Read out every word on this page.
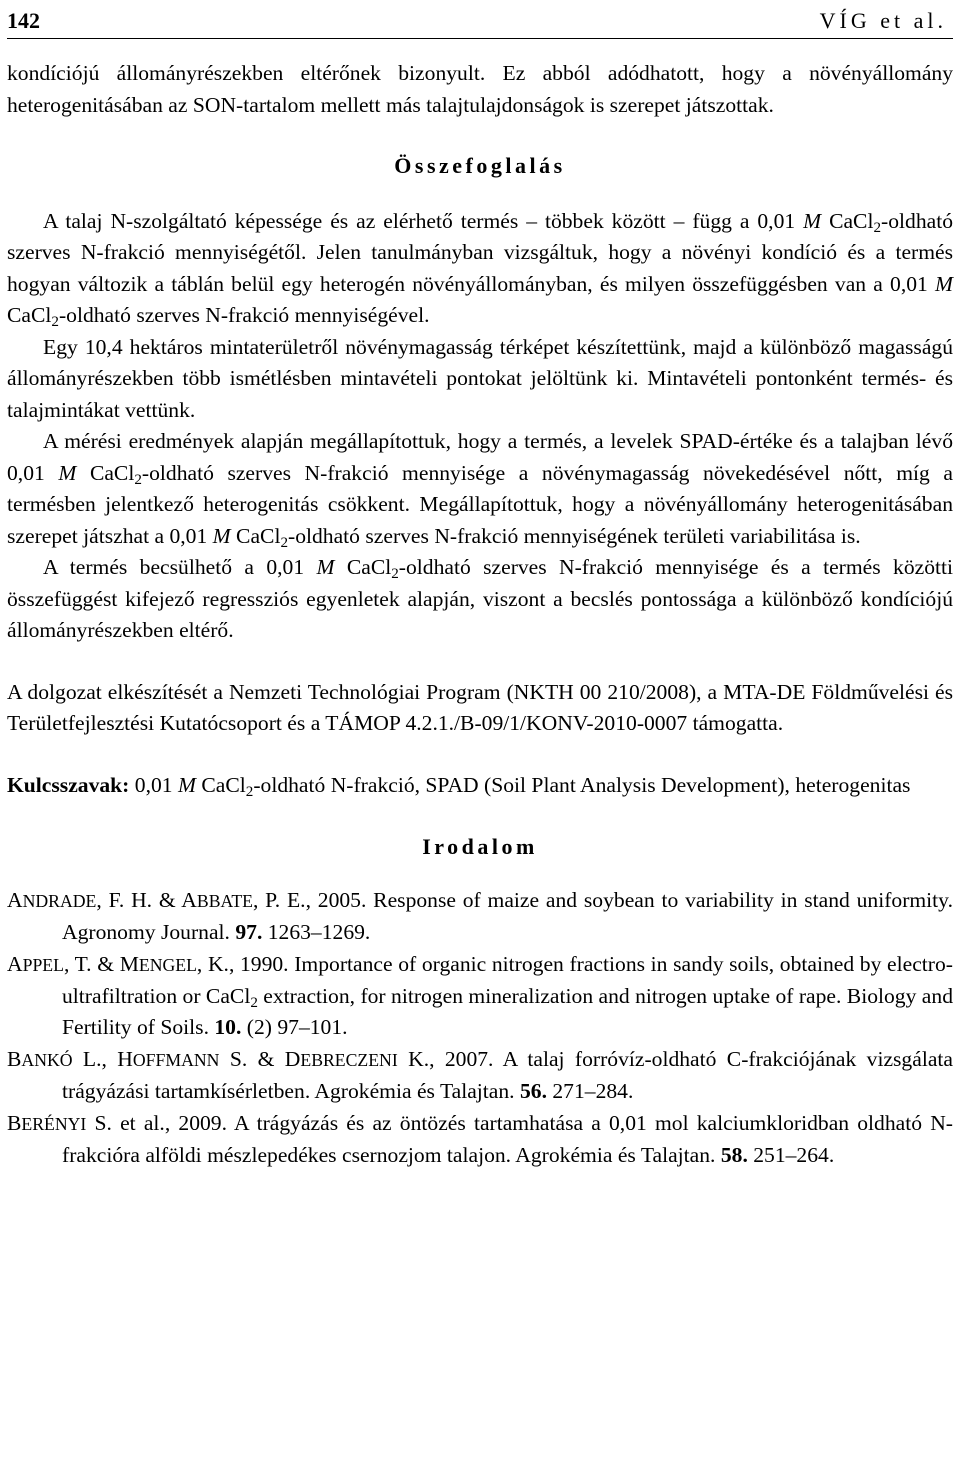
142	VÍG et al.

kondíciójú állományrészekben eltérőnek bizonyult. Ez abból adódhatott, hogy a növényállomány heterogenitásában az SON-tartalom mellett más talajtulajdonságok is szerepet játszottak.

Összefoglalás

A talaj N-szolgáltató képessége és az elérhető termés – többek között – függ a 0,01 M CaCl$_2$-oldható szerves N-frakció mennyiségétől. Jelen tanulmányban vizsgáltuk, hogy a növényi kondíció és a termés hogyan változik a táblán belül egy heterogén növényállományban, és milyen összefüggésben van a 0,01 M CaCl$_2$-oldható szerves N-frakció mennyiségével.

Egy 10,4 hektáros mintaterületről növénymagasság térképet készítettünk, majd a különböző magasságú állományrészekben több ismétlésben mintavételi pontokat jelöltünk ki. Mintavételi pontonként termés- és talajmintákat vettünk.

A mérési eredmények alapján megállapítottuk, hogy a termés, a levelek SPAD-értéke és a talajban lévő 0,01 M CaCl$_2$-oldható szerves N-frakció mennyisége a növénymagasság növekedésével nőtt, míg a termésben jelentkező heterogenitás csökkent. Megállapítottuk, hogy a növényállomány heterogenitásában szerepet játszhat a 0,01 M CaCl$_2$-oldható szerves N-frakció mennyiségének területi variabilitása is.

A termés becsülhető a 0,01 M CaCl$_2$-oldható szerves N-frakció mennyisége és a termés közötti összefüggést kifejező regressziós egyenletek alapján, viszont a becslés pontossága a különböző kondíciójú állományrészekben eltérő.

A dolgozat elkészítését a Nemzeti Technológiai Program (NKTH 00 210/2008), a MTA-DE Földművelési és Területfejlesztési Kutatócsoport és a TÁMOP 4.2.1./B-09/1/KONV-2010-0007 támogatta.

Kulcsszavak: 0,01 M CaCl$_2$-oldható N-frakció, SPAD (Soil Plant Analysis Development), heterogenitas

Irodalom

ANDRADE, F. H. & ABBATE, P. E., 2005. Response of maize and soybean to variability in stand uniformity. Agronomy Journal. 97. 1263–1269.

APPEL, T. & MENGEL, K., 1990. Importance of organic nitrogen fractions in sandy soils, obtained by electro-ultrafiltration or CaCl$_2$ extraction, for nitrogen mineralization and nitrogen uptake of rape. Biology and Fertility of Soils. 10. (2) 97–101.

BANKÓ L., HOFFMANN S. & DEBRECZENI K., 2007. A talaj forróvíz-oldható C-frakciójának vizsgálata trágyázási tartamkísérletben. Agrokémia és Talajtan. 56. 271–284.

BERÉNYI S. et al., 2009. A trágyázás és az öntözés tartamhatása a 0,01 mol kalciumkloridban oldható N-frakcióra alföldi mészlepedékes csernozjom talajon. Agrokémia és Talajtan. 58. 251–264.
